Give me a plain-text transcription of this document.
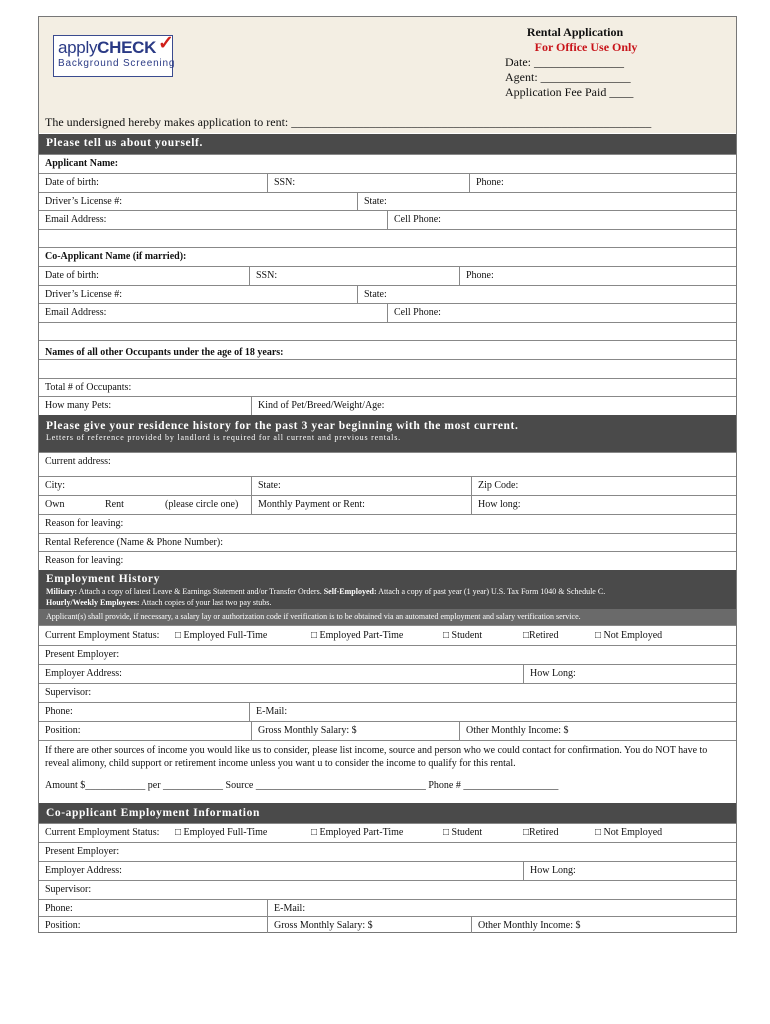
applyCHECK ✓
Background Screening
Rental Application
For Office Use Only
Date: _______________
Agent: _______________
Application Fee Paid ____
The undersigned hereby makes application to rent: ____________________________________________________________
Please tell us about yourself.
Applicant Name:
Date of birth:	SSN:	Phone:
Driver’s License #:	State:
Email Address:	Cell Phone:
Co-Applicant Name (if married):
Date of birth:	SSN:	Phone:
Driver’s License #:	State:
Email Address:	Cell Phone:
Names of all other Occupants under the age of 18 years:
Total # of Occupants:
How many Pets:	Kind of Pet/Breed/Weight/Age:
Please give your residence history for the past 3 year beginning with the most current.
Letters of reference provided by landlord is required for all current and previous rentals.
Current address:
City:	State:	Zip Code:
Own	Rent	(please circle one)	Monthly Payment or Rent:	How long:
Reason for leaving:
Rental Reference (Name & Phone Number):
Reason for leaving:
Employment History
Military: Attach a copy of latest Leave & Earnings Statement and/or Transfer Orders. Self-Employed: Attach a copy of past year (1 year) U.S. Tax Form 1040 & Schedule C.
Hourly/Weekly Employees: Attach copies of your last two pay stubs.
Applicant(s) shall provide, if necessary, a salary lay or authorization code if verification is to be obtained via an automated employment and salary verification service.
Current Employment Status:	□ Employed Full-Time	□ Employed Part-Time	□ Student	□Retired	□ Not Employed
Present Employer:
Employer Address:	How Long:
Supervisor:
Phone:	E-Mail:
Position:	Gross Monthly Salary: $	Other Monthly Income: $
If there are other sources of income you would like us to consider, please list income, source and person who we could contact for confirmation. You do NOT have to reveal alimony, child support or retirement income unless you want u to consider the income to qualify for this rental.
Amount $____________ per ____________ Source __________________________________ Phone # ___________________
Co-applicant Employment Information
Current Employment Status:	□ Employed Full-Time	□ Employed Part-Time	□ Student	□Retired	□ Not Employed
Present Employer:
Employer Address:	How Long:
Supervisor:
Phone:	E-Mail:
Position:	Gross Monthly Salary: $	Other Monthly Income: $
